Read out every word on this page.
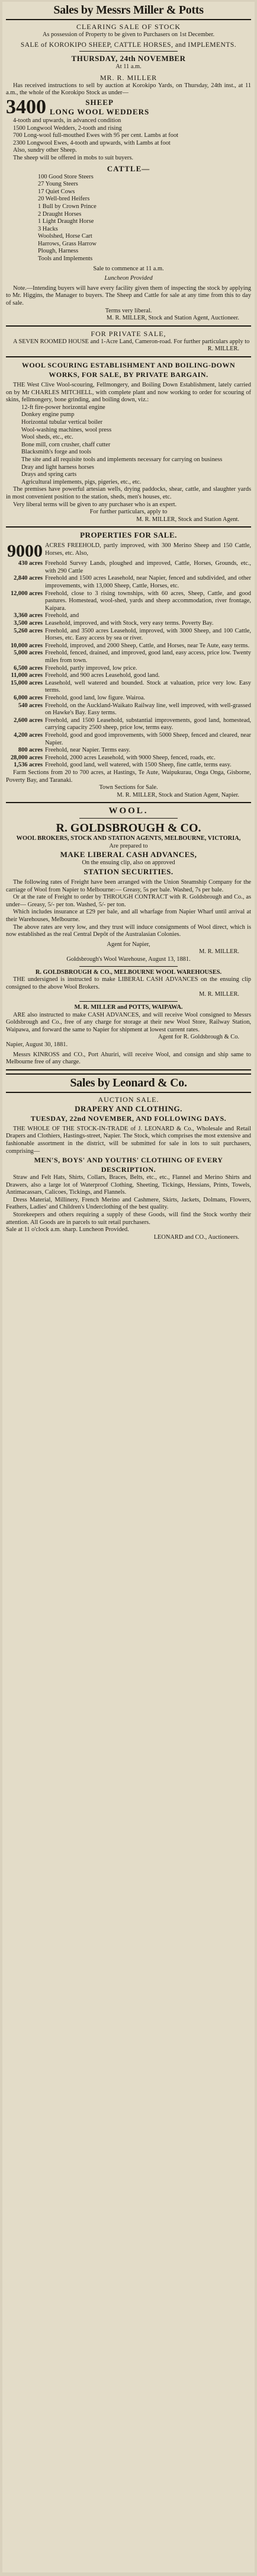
Sales by Messrs Miller & Potts
CLEARING SALE OF STOCK

As possession of Property to be given to Purchasers on 1st December.

SALE of KOROKIPO SHEEP, CATTLE HORSES, and IMPLEMENTS.

THURSDAY, 24th NOVEMBER

At 11 a.m.

MR. R. MILLER

Has received instructions to sell by auction at Korokipo Yards, on Thursday, 24th inst., at 11 a.m., the whole of the Korokipo Stock as under—

3400	SHEEP
LONG WOOL WEDDERS

4-tooth and upwards, in advanced condition

1500 Longwool Wedders, 2-tooth and rising

700 Long-wool full-mouthed Ewes with 95 per cent. Lambs at foot

2300 Longwool Ewes, 4-tooth and upwards, with Lambs at foot

Also, sundry other Sheep.

The sheep will be offered in mobs to suit buyers.

CATTLE—

100 Good Store Steers

27 Young Steers

17 Quiet Cows

20 Well-bred Heifers

1 Bull by Crown Prince

2 Draught Horses

1 Light Draught Horse

3 Hacks

Woolshed, Horse Cart

Harrows, Grass Harrow

Plough, Harness

Tools and Implements

Sale to commence at 11 a.m.

Luncheon Provided

Note.—Intending buyers will have every facility given them of inspecting the stock by applying to Mr. Higgins, the Manager to buyers. The Sheep and Cattle for sale at any time from this to day of sale.

Terms very liberal.

M. R. MILLER, Stock and Station Agent, Auctioneer.
FOR PRIVATE SALE,

A SEVEN ROOMED HOUSE and 1-Acre Land, Cameron-road. For further particulars apply to

R. MILLER.
WOOL SCOURING ESTABLISHMENT AND BOILING-DOWN WORKS, FOR SALE, BY PRIVATE BARGAIN.

THE West Clive Wool-scouring, Fellmongery, and Boiling Down Establishment, lately carried on by Mr CHARLES MITCHELL, with complete plant and now working to order for scouring of skins, fellmongery, bone grinding, and boiling down, viz.:

12-ft fire-power horizontal engine

Donkey engine pump

Horizontal tubular vertical boiler

Wool-washing machines, wool press

Wool sheds, etc., etc.

Bone mill, corn crusher, chaff cutter

Blacksmith's forge and tools

The site and all requisite tools and implements necessary for carrying on business

Dray and light harness horses

Drays and spring carts

Agricultural implements, pigs, pigeries, etc., etc.

The premises have powerful artesian wells, drying paddocks, shear, cattle, and slaughter yards in most convenient position to the station, sheds, men's houses, etc.

Very liberal terms will be given to any purchaser who is an expert.

For further particulars, apply to

M. R. MILLER, Stock and Station Agent.
PROPERTIES FOR SALE.
9000 ACRES FREEHOLD, partly improved, with 300 Merino Sheep and 150 Cattle, Horses, etc. Also,
430 acres Freehold Survey Lands, ploughed and improved, Cattle, Horses, Grounds, etc., with 290 Cattle
2,840 acres Freehold and 1500 acres Leasehold, near Napier, fenced and subdivided, and other improvements, with 13,000 Sheep, Cattle, Horses, etc.
12,000 acres Freehold, close to 3 rising townships, with 60 acres, Sheep, Cattle, and good pastures. Homestead, wool-shed, yards and sheep accommodation, river frontage, Kaipara.
3,360 acres Freehold, and
3,500 acres Leasehold, improved, and with Stock, very easy terms. Poverty Bay.
5,260 acres Freehold, and 3500 acres Leasehold, improved, with 3000 Sheep, and 100 Cattle, Horses, etc. Easy access by sea or river.
10,000 acres Freehold, improved, and 2000 Sheep, Cattle, and Horses, near Te Aute, easy terms.
5,000 acres Freehold, fenced, drained, and improved, good land, easy access, price low. Twenty miles from town.
6,500 acres Freehold, partly improved, low price.
11,000 acres Freehold, and 900 acres Leasehold, good land.
15,000 acres Leasehold, well watered and bounded. Stock at valuation, price very low. Easy terms.
6,000 acres Freehold, good land, low figure. Wairoa.
540 acres Freehold, on the Auckland-Waikato Railway line, well improved, with well-grassed on Hawke's Bay. Easy terms.
2,600 acres Freehold, and 1500 Leasehold, substantial improvements, good land, homestead, carrying capacity 2500 sheep, price low, terms easy.
4,200 acres Freehold, good and good improvements, with 5000 Sheep, fenced and cleared, near Napier.
800 acres Freehold, near Napier. Terms easy.
28,000 acres Freehold, 2000 acres Leasehold, with 9000 Sheep, fenced, roads, etc.
1,536 acres Freehold, good land, well watered, with 1500 Sheep, fine cattle, terms easy.

Farm Sections from 20 to 700 acres, at Hastings, Te Aute, Waipukurau, Onga Onga, Gisborne, Poverty Bay, and Taranaki.

Town Sections for Sale.

M. R. MILLER, Stock and Station Agent, Napier.
WOOL.
R. GOLDSBROUGH & CO.

WOOL BROKERS, STOCK AND STATION AGENTS, MELBOURNE, VICTORIA,

Are prepared to

MAKE LIBERAL CASH ADVANCES,

On the ensuing clip, also on approved

STATION SECURITIES.

The following rates of Freight have been arranged with the Union Steamship Company for the carriage of Wool from Napier to Melbourne:— Greasy, 5s per bale. Washed, 7s per bale.

Or at the rate of Freight to order by THROUGH CONTRACT with R. Goldsbrough and Co., as under— Greasy, 5/- per ton. Washed, 5/- per ton.

Which includes insurance at £29 per bale, and all wharfage from Napier Wharf until arrival at their Warehouses, Melbourne.

The above rates are very low, and they trust will induce consignments of Wool direct, which is now established as the real Central Depôt of the Australasian Colonies.

Agent for Napier,

M. R. MILLER.

Goldsbrough's Wool Warehouse, August 13, 1881.

R. GOLDSBROUGH & CO., MELBOURNE WOOL WAREHOUSES.

THE undersigned is instructed to make LIBERAL CASH ADVANCES on the ensuing clip consigned to the above Wool Brokers.

M. R. MILLER.

M. R. MILLER and POTTS, WAIPAWA.

ARE also instructed to make CASH ADVANCES, and will receive Wool consigned to Messrs Goldsbrough and Co., free of any charge for storage at their new Wool Store, Railway Station, Waipawa, and forward the same to Napier for shipment at lowest current rates.

Agent for R. Goldsbrough & Co.

Napier, August 30, 1881.

Messrs KINROSS and CO., Port Ahuriri, will receive Wool, and consign and ship same to Melbourne free of any charge.

Sales by Leonard & Co.
AUCTION SALE.
DRAPERY AND CLOTHING.
TUESDAY, 22nd NOVEMBER, AND FOLLOWING DAYS.

THE WHOLE OF THE STOCK-IN-TRADE of J. LEONARD & Co., Wholesale and Retail Drapers and Clothiers, Hastings-street, Napier. The Stock, which comprises the most extensive and fashionable assortment in the district, will be submitted for sale in lots to suit purchasers, comprising—

MEN'S, BOYS' AND YOUTHS' CLOTHING OF EVERY DESCRIPTION.

Straw and Felt Hats, Shirts, Collars, Braces, Belts, etc., etc., Flannel and Merino Shirts and Drawers, also a large lot of Waterproof Clothing, Sheeting, Tickings, Hessians, Prints, Towels, Antimacassars, Calicoes, Tickings, and Flannels.

Dress Material, Millinery, French Merino and Cashmere, Skirts, Jackets, Dolmans, Flowers, Feathers, Ladies' and Children's Underclothing of the best quality.

Storekeepers and others requiring a supply of these Goods, will find the Stock worthy their attention. All Goods are in parcels to suit retail purchasers.

Sale at 11 o'clock a.m. sharp. Luncheon Provided.

LEONARD and CO., Auctioneers.
